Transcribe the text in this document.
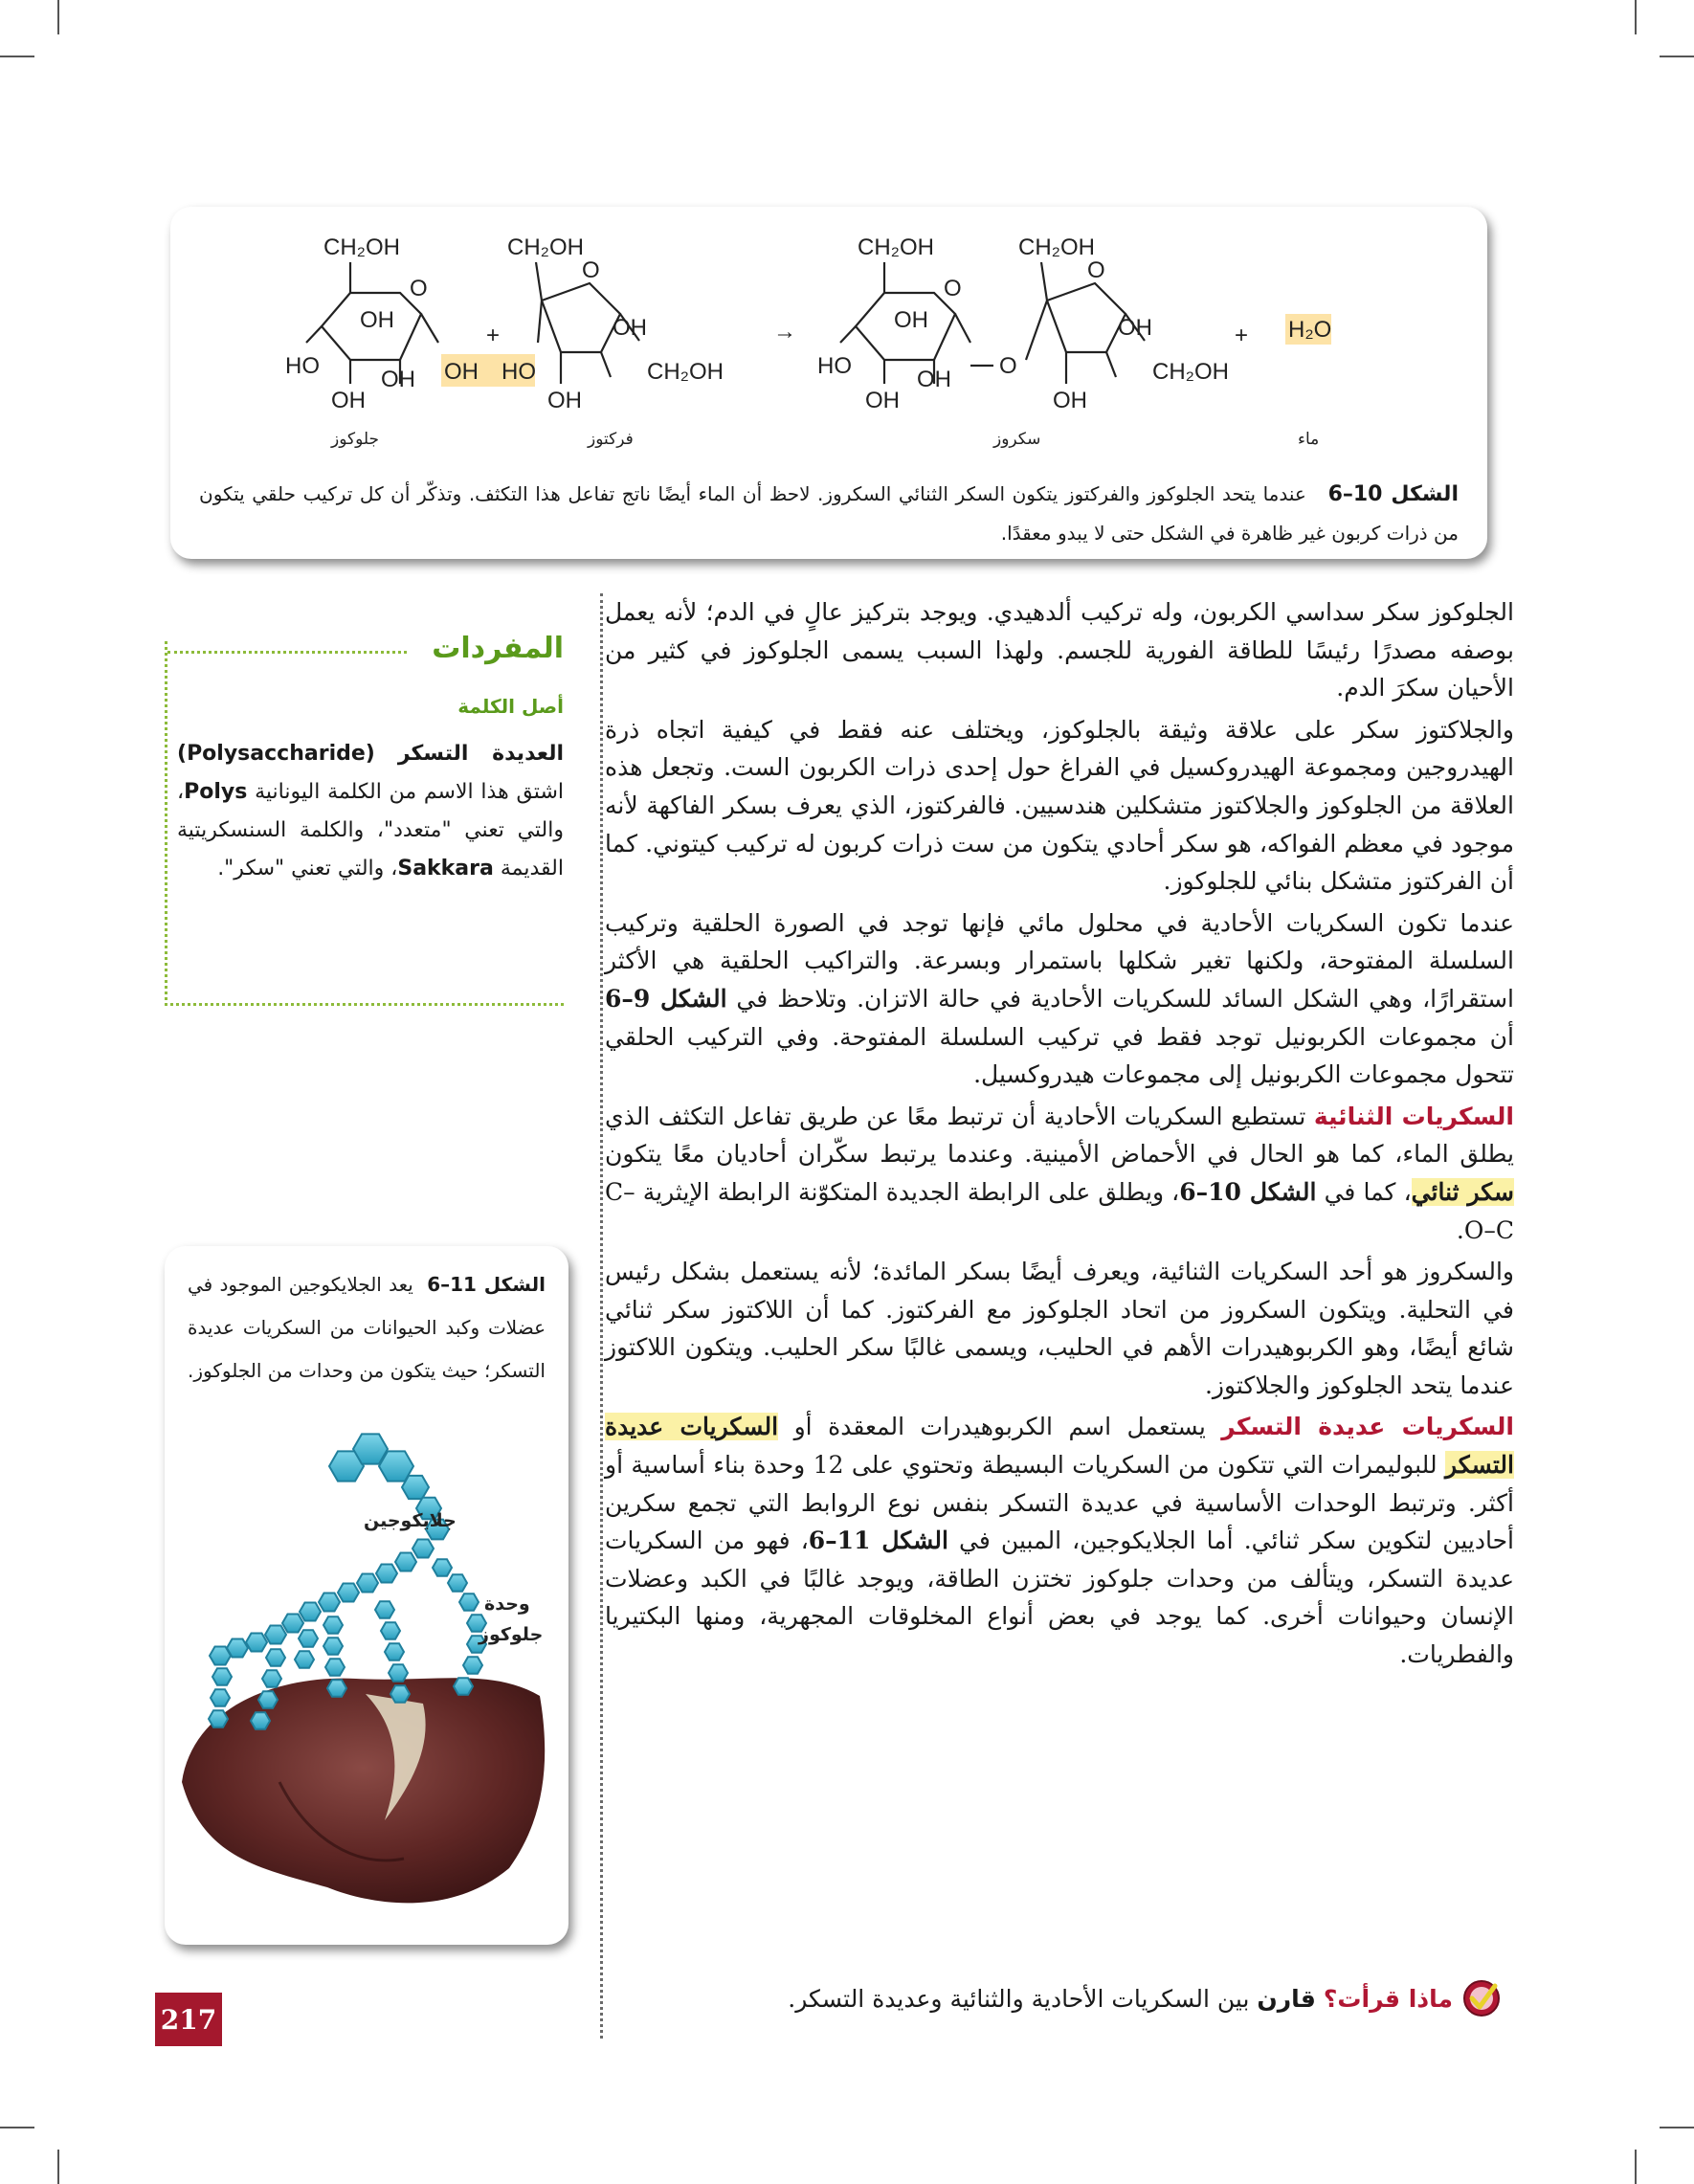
CH₂OH
O
OH
HO	OH
OH
OH
+
CH₂OH
O
HO
OH
OH
CH₂OH
→
CH₂OH
O
OH
HO
OH
OH
O
CH₂OH
O
OH
OH
CH₂OH
+ H₂O
جلوكوز	فركتوز	سكروز	ماء
الشكل 10–6   عندما يتحد الجلوكوز والفركتوز يتكون السكر الثنائي السكروز. لاحظ أن الماء أيضًا ناتج تفاعل هذا التكثف. وتذكّر أن كل تركيب حلقي يتكون من ذرات كربون غير ظاهرة في الشكل حتى لا يبدو معقدًا.

الجلوكوز سكر سداسي الكربون، وله تركيب ألدهيدي. ويوجد بتركيز عالٍ في الدم؛ لأنه يعمل بوصفه مصدرًا رئيسًا للطاقة الفورية للجسم. ولهذا السبب يسمى الجلوكوز في كثير من الأحيان سكرَ الدم.

والجلاكتوز سكر على علاقة وثيقة بالجلوكوز، ويختلف عنه فقط في كيفية اتجاه ذرة الهيدروجين ومجموعة الهيدروكسيل في الفراغ حول إحدى ذرات الكربون الست. وتجعل هذه العلاقة من الجلوكوز والجلاكتوز متشكلين هندسيين. فالفركتوز، الذي يعرف بسكر الفاكهة لأنه موجود في معظم الفواكه، هو سكر أحادي يتكون من ست ذرات كربون له تركيب كيتوني. كما أن الفركتوز متشكل بنائي للجلوكوز.

عندما تكون السكريات الأحادية في محلول مائي فإنها توجد في الصورة الحلقية وتركيب السلسلة المفتوحة، ولكنها تغير شكلها باستمرار وبسرعة. والتراكيب الحلقية هي الأكثر استقرارًا، وهي الشكل السائد للسكريات الأحادية في حالة الاتزان. وتلاحظ في الشكل 9–6 أن مجموعات الكربونيل توجد فقط في تركيب السلسلة المفتوحة. وفي التركيب الحلقي تتحول مجموعات الكربونيل إلى مجموعات هيدروكسيل.

السكريات الثنائية تستطيع السكريات الأحادية أن ترتبط معًا عن طريق تفاعل التكثف الذي يطلق الماء، كما هو الحال في الأحماض الأمينية. وعندما يرتبط سكّران أحاديان معًا يتكون سكر ثنائي، كما في الشكل 10–6، ويطلق على الرابطة الجديدة المتكوّنة الرابطة الإيثرية C–O–C.

والسكروز هو أحد السكريات الثنائية، ويعرف أيضًا بسكر المائدة؛ لأنه يستعمل بشكل رئيس في التحلية. ويتكون السكروز من اتحاد الجلوكوز مع الفركتوز. كما أن اللاكتوز سكر ثنائي شائع أيضًا، وهو الكربوهيدرات الأهم في الحليب، ويسمى غالبًا سكر الحليب. ويتكون اللاكتوز عندما يتحد الجلوكوز والجلاكتوز.

السكريات عديدة التسكر يستعمل اسم الكربوهيدرات المعقدة أو السكريات عديدة التسكر للبوليمرات التي تتكون من السكريات البسيطة وتحتوي على 12 وحدة بناء أساسية أو أكثر. وترتبط الوحدات الأساسية في عديدة التسكر بنفس نوع الروابط التي تجمع سكرين أحاديين لتكوين سكر ثنائي. أما الجلايكوجين، المبين في الشكل 11–6، فهو من السكريات عديدة التسكر، ويتألف من وحدات جلوكوز تختزن الطاقة، ويوجد غالبًا في الكبد وعضلات الإنسان وحيوانات أخرى. كما يوجد في بعض أنواع المخلوقات المجهرية، ومنها البكتيريا والفطريات.

المفردات
أصل الكلمة
العديدة التسكر (Polysaccharide) اشتق هذا الاسم من الكلمة اليونانية Polys، والتي تعني "متعدد"، والكلمة السنسكريتية القديمة Sakkara، والتي تعني "سكر".
الشكل 11–6  يعد الجلايكوجين الموجود في عضلات وكبد الحيوانات من السكريات عديدة التسكر؛ حيث يتكون من وحدات من الجلوكوز.
جلايكوجين
وحدة
جلوكوز
ماذا قرأت؟
قارن
بين السكريات الأحادية والثنائية وعديدة التسكر.
217
